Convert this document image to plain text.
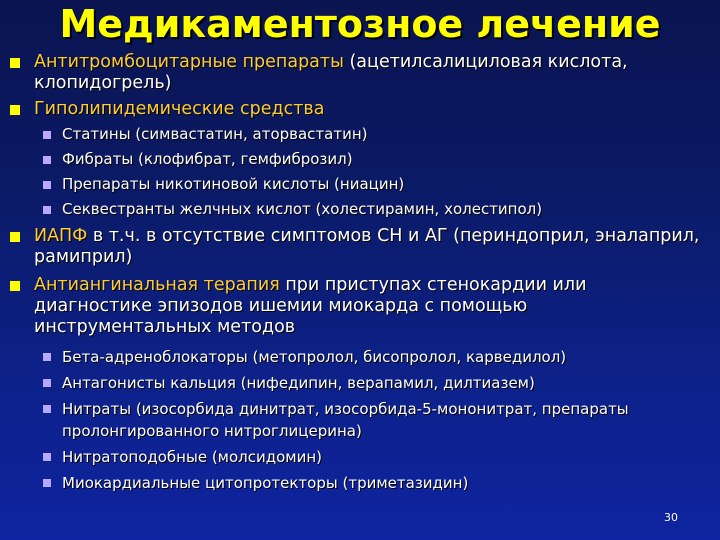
Медикаментозное лечение
Антитромбоцитарные препараты (ацетилсалициловая кислота, клопидогрель)
Гиполипидемические средства
Статины (симвастатин, аторвастатин)
Фибраты (клофибрат, гемфиброзил)
Препараты никотиновой кислоты (ниацин)
Секвестранты желчных кислот (холестирамин, холестипол)
ИАПФ в т.ч. в отсутствие симптомов СН и АГ (периндоприл, эналаприл, рамиприл)
Антиангинальная терапия при приступах стенокардии или диагностике эпизодов ишемии миокарда с помощью инструментальных методов
Бета-адреноблокаторы (метопролол, бисопролол, карведилол)
Антагонисты кальция (нифедипин, верапамил, дилтиазем)
Нитраты (изосорбида динитрат, изосорбида-5-мононитрат, препараты пролонгированного нитроглицерина)
Нитратоподобные (молсидомин)
Миокардиальные цитопротекторы (триметазидин)
30
